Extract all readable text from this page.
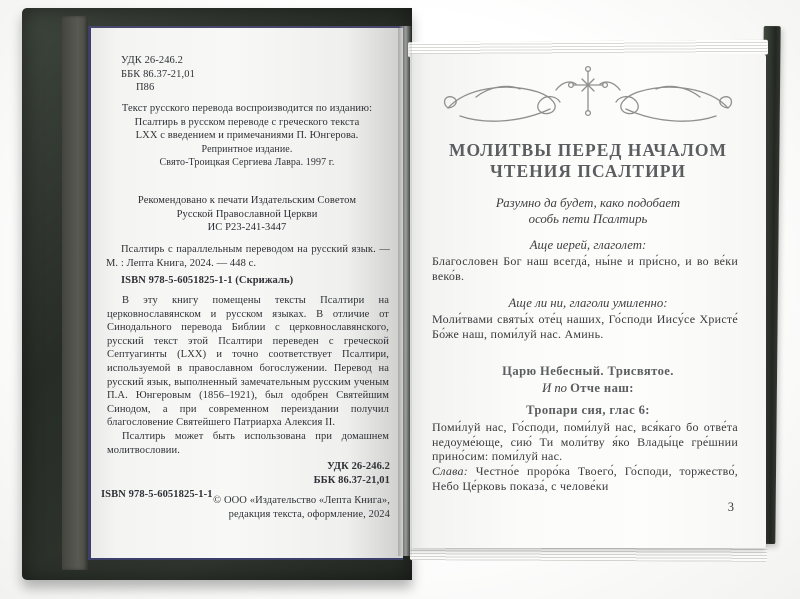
УДК 26-246.2
ББК 86.37-21,01
П86
Текст русского перевода воспроизводится по изданию:
Псалтирь в русском переводе с греческого текста
LXX с введением и примечаниями П. Юнгерова.
Репринтное издание.
Свято-Троицкая Сергиева Лавра. 1997 г.
Рекомендовано к печати Издательским Советом
Русской Православной Церкви
ИС Р23-241-3447
Псалтирь с параллельным переводом на русский язык. — М. : Лепта Книга, 2024. — 448 с.
ISBN 978-5-6051825-1-1 (Скрижаль)

В эту книгу помещены тексты Псалтири на церковнославянском и русском языках. В отличие от Синодального перевода Библии с церковнославянского, русский текст этой Псалтири переведен с греческой Септуагинты (LXX) и точно соответствует Псалтири, используемой в православном богослужении. Перевод на русский язык, выполненный замечательным русским ученым П.А. Юнгеровым (1856–1921), был одобрен Святейшим Синодом, а при современном переиздании получил благословение Святейшего Патриарха Алексия II.

Псалтирь может быть использована при домашнем молитвословии.

УДК 26-246.2
ББК 86.37-21,01
ISBN 978-5-6051825-1-1
© ООО «Издательство «Лепта Книга»,
редакция текста, оформление, 2024
МОЛИТВЫ ПЕРЕД НАЧАЛОМ
ЧТЕНИЯ ПСАЛТИРИ
Разумно да будет, како подобает
особь пети Псалтирь
Аще иерей, глаголет:
Благословен Бог наш всегда́, ны́не и при́сно, и во ве́ки веко́в.
Аще ли ни, глаголи умиленно:
Моли́твами святы́х оте́ц наших, Го́споди Иису́се Христе́ Бо́же наш, поми́луй нас. Аминь.
Царю Небесный. Трисвятое.
И по Отче наш:
Тропари сия, глас 6:
Поми́луй нас, Го́споди, поми́луй нас, вся́каго бо отве́та недоуме́юще, сию́ Ти моли́тву я́ко Влады́це гре́шнии прино́сим: поми́луй нас.
Слава: Честно́е проро́ка Твоего́, Го́споди, торжество́, Небо Це́рковь показа́, с челове́ки
3
